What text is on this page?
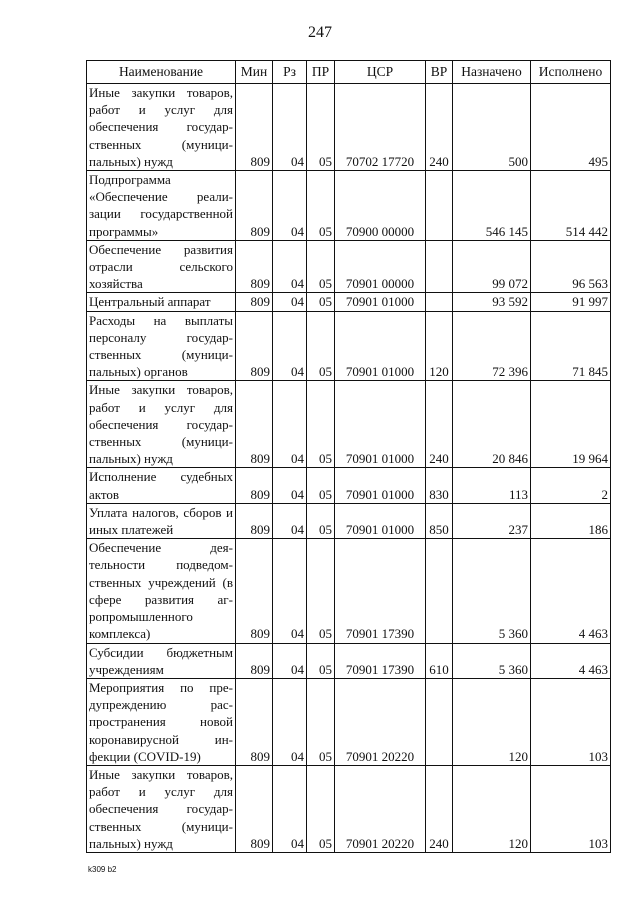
247
Наименование	Мин	Рз	ПР	ЦСР	ВР	Назначено	Исполнено
Иные закупки товаров, работ и услуг для обеспечения государственных (муниципальных) нужд	809	04	05	70702 17720	240	500	495
Подпрограмма «Обеспечение реализации государственной программы»	809	04	05	70900 00000		546 145	514 442
Обеспечение развития отрасли сельского хозяйства	809	04	05	70901 00000		99 072	96 563
Центральный аппарат	809	04	05	70901 01000		93 592	91 997
Расходы на выплаты персоналу государственных (муниципальных) органов	809	04	05	70901 01000	120	72 396	71 845
Иные закупки товаров, работ и услуг для обеспечения государственных (муниципальных) нужд	809	04	05	70901 01000	240	20 846	19 964
Исполнение судебных актов	809	04	05	70901 01000	830	113	2
Уплата налогов, сборов и иных платежей	809	04	05	70901 01000	850	237	186
Обеспечение деятельности подведомственных учреждений (в сфере развития агропромышленного комплекса)	809	04	05	70901 17390		5 360	4 463
Субсидии бюджетным учреждениям	809	04	05	70901 17390	610	5 360	4 463
Мероприятия по предупреждению распространения новой коронавирусной инфекции (COVID-19)	809	04	05	70901 20220		120	103
Иные закупки товаров, работ и услуг для обеспечения государственных (муниципальных) нужд	809	04	05	70901 20220	240	120	103
k309 b2
